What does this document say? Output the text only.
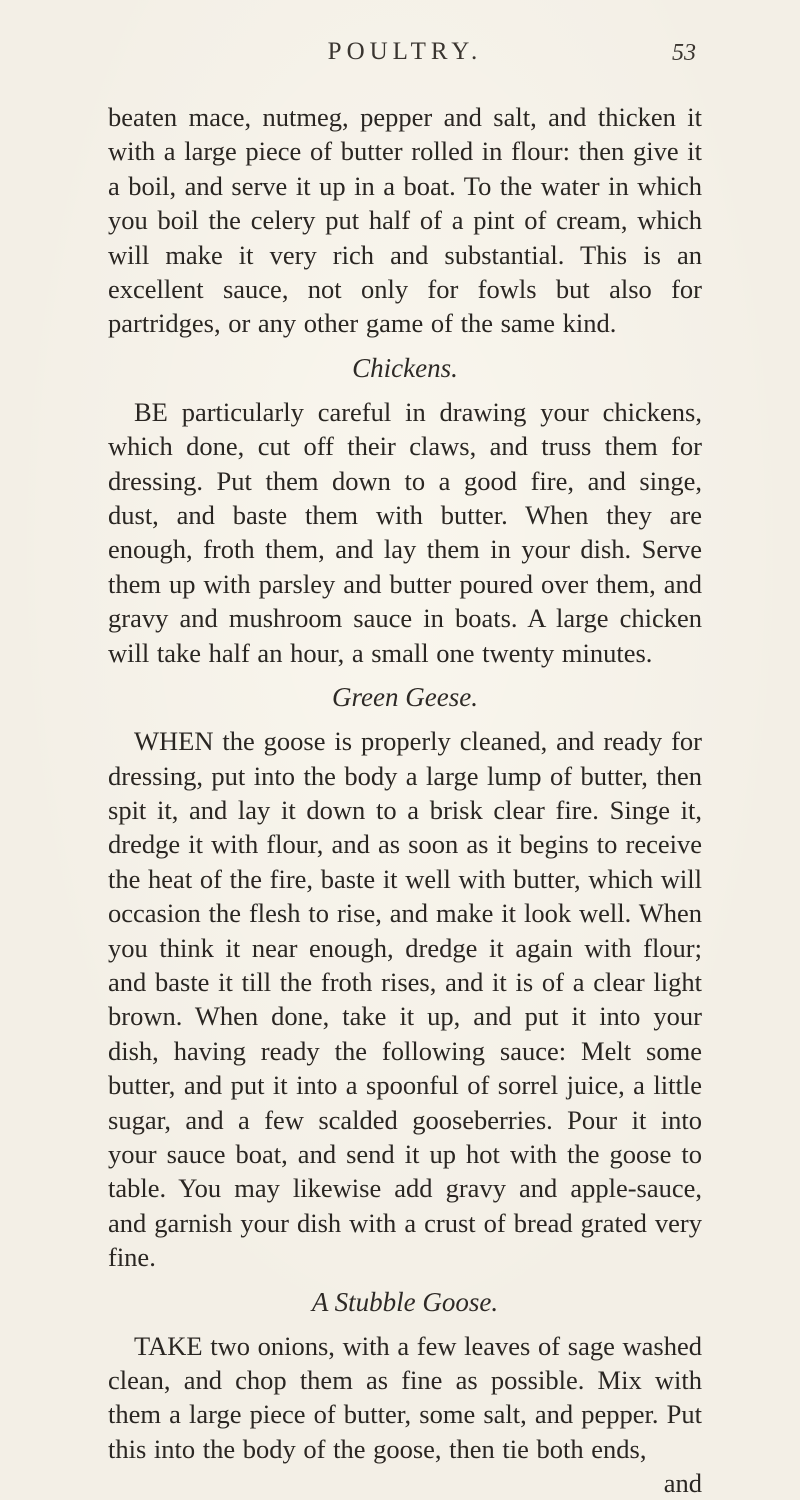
POULTRY.	53

beaten mace, nutmeg, pepper and salt, and thicken it with a large piece of butter rolled in flour: then give it a boil, and serve it up in a boat. To the water in which you boil the celery put half of a pint of cream, which will make it very rich and substantial. This is an excellent sauce, not only for fowls but also for partridges, or any other game of the same kind.

Chickens.

BE particularly careful in drawing your chickens, which done, cut off their claws, and truss them for dressing. Put them down to a good fire, and singe, dust, and baste them with butter. When they are enough, froth them, and lay them in your dish. Serve them up with parsley and butter poured over them, and gravy and mushroom sauce in boats. A large chicken will take half an hour, a small one twenty minutes.

Green Geese.

WHEN the goose is properly cleaned, and ready for dressing, put into the body a large lump of butter, then spit it, and lay it down to a brisk clear fire. Singe it, dredge it with flour, and as soon as it begins to receive the heat of the fire, baste it well with butter, which will occasion the flesh to rise, and make it look well. When you think it near enough, dredge it again with flour; and baste it till the froth rises, and it is of a clear light brown. When done, take it up, and put it into your dish, having ready the following sauce: Melt some butter, and put it into a spoonful of sorrel juice, a little sugar, and a few scalded gooseberries. Pour it into your sauce boat, and send it up hot with the goose to table. You may likewise add gravy and apple-sauce, and garnish your dish with a crust of bread grated very fine.

A Stubble Goose.

TAKE two onions, with a few leaves of sage washed clean, and chop them as fine as possible. Mix with them a large piece of butter, some salt, and pepper. Put this into the body of the goose, then tie both ends,

and
